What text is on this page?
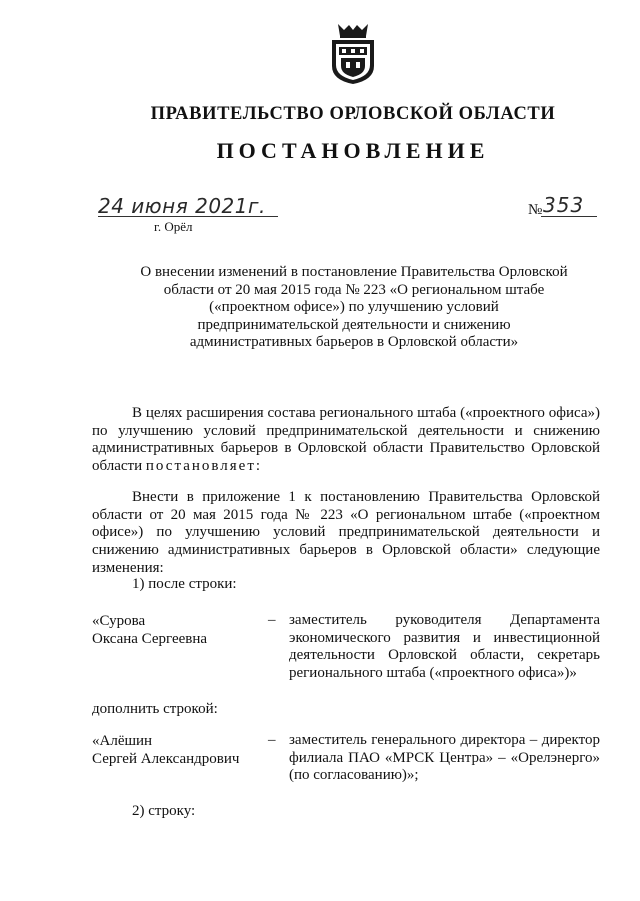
ПРАВИТЕЛЬСТВО ОРЛОВСКОЙ ОБЛАСТИ
ПОСТАНОВЛЕНИЕ
24 июня 2021г.
г. Орёл
№ 353
О внесении изменений в постановление Правительства Орловской области от 20 мая 2015 года № 223 «О региональном штабе («проектном офисе») по улучшению условий предпринимательской деятельности и снижению административных барьеров в Орловской области»
В целях расширения состава регионального штаба («проектного офиса») по улучшению условий предпринимательской деятельности и снижению административных барьеров в Орловской области Правительство Орловской области постановляет:
Внести в приложение 1 к постановлению Правительства Орловской области от 20 мая 2015 года № 223 «О региональном штабе («проектном офисе») по улучшению условий предпринимательской деятельности и снижению административных барьеров в Орловской области» следующие изменения:
1) после строки:
«Сурова
Оксана Сергеевна
– заместитель руководителя Департамента экономического развития и инвестиционной деятельности Орловской области, секретарь регионального штаба («проектного офиса»)»
дополнить строкой:
«Алёшин
Сергей Александрович
– заместитель генерального директора – директор филиала ПАО «МРСК Центра» – «Орелэнерго» (по согласованию)»;
2) строку:
